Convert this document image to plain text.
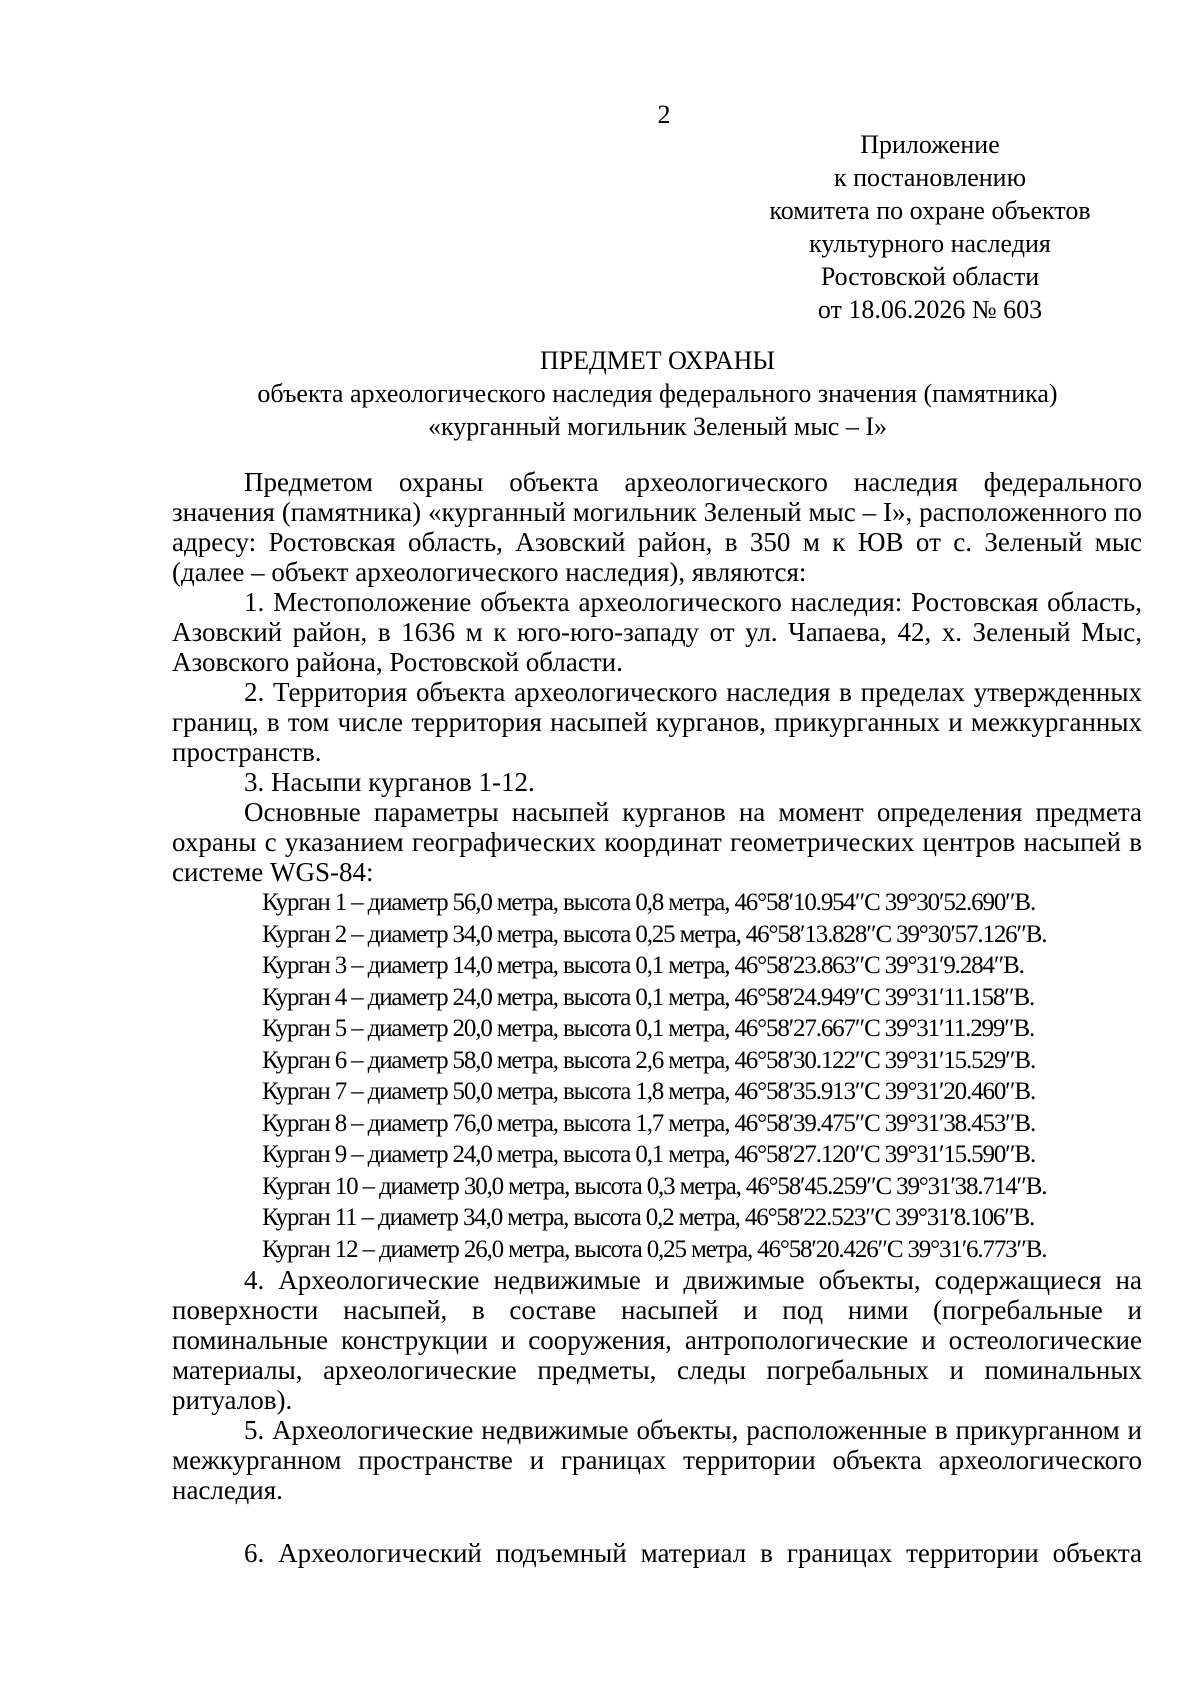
2
Приложение
к постановлению
комитета по охране объектов
культурного наследия
Ростовской области
от 18.06.2026 № 603
ПРЕДМЕТ ОХРАНЫ
объекта археологического наследия федерального значения (памятника)
«курганный могильник Зеленый мыс – I»

Предметом охраны объекта археологического наследия федерального значения (памятника) «курганный могильник Зеленый мыс – I», расположенного по адресу: Ростовская область, Азовский район, в 350 м к ЮВ от с. Зеленый мыс (далее – объект археологического наследия), являются:

1. Местоположение объекта археологического наследия: Ростовская область, Азовский район, в 1636 м к юго-юго-западу от ул. Чапаева, 42, х. Зеленый Мыс, Азовского района, Ростовской области.

2. Территория объекта археологического наследия в пределах утвержденных границ, в том числе территория насыпей курганов, прикурганных и межкурганных пространств.

3. Насыпи курганов 1-12.

Основные параметры насыпей курганов на момент определения предмета охраны с указанием географических координат геометрических центров насыпей в системе WGS-84:

Курган 1 – диаметр 56,0 метра, высота 0,8 метра, 46°58′10.954″С 39°30′52.690″В.
Курган 2 – диаметр 34,0 метра, высота 0,25 метра, 46°58′13.828″С 39°30′57.126″В.
Курган 3 – диаметр 14,0 метра, высота 0,1 метра, 46°58′23.863″С 39°31′9.284″В.
Курган 4 – диаметр 24,0 метра, высота 0,1 метра, 46°58′24.949″С 39°31′11.158″В.
Курган 5 – диаметр 20,0 метра, высота 0,1 метра, 46°58′27.667″С 39°31′11.299″В.
Курган 6 – диаметр 58,0 метра, высота 2,6 метра, 46°58′30.122″С 39°31′15.529″В.
Курган 7 – диаметр 50,0 метра, высота 1,8 метра, 46°58′35.913″С 39°31′20.460″В.
Курган 8 – диаметр 76,0 метра, высота 1,7 метра, 46°58′39.475″С 39°31′38.453″В.
Курган 9 – диаметр 24,0 метра, высота 0,1 метра, 46°58′27.120″С 39°31′15.590″В.
Курган 10 – диаметр 30,0 метра, высота 0,3 метра, 46°58′45.259″С 39°31′38.714″В.
Курган 11 – диаметр 34,0 метра, высота 0,2 метра, 46°58′22.523″С 39°31′8.106″В.
Курган 12 – диаметр 26,0 метра, высота 0,25 метра, 46°58′20.426″С 39°31′6.773″В.

4. Археологические недвижимые и движимые объекты, содержащиеся на поверхности насыпей, в составе насыпей и под ними (погребальные и поминальные конструкции и сооружения, антропологические и остеологические материалы, археологические предметы, следы погребальных и поминальных ритуалов).

5. Археологические недвижимые объекты, расположенные в прикурганном и межкурганном пространстве и границах территории объекта археологического наследия.

6. Археологический подъемный материал в границах территории объекта
